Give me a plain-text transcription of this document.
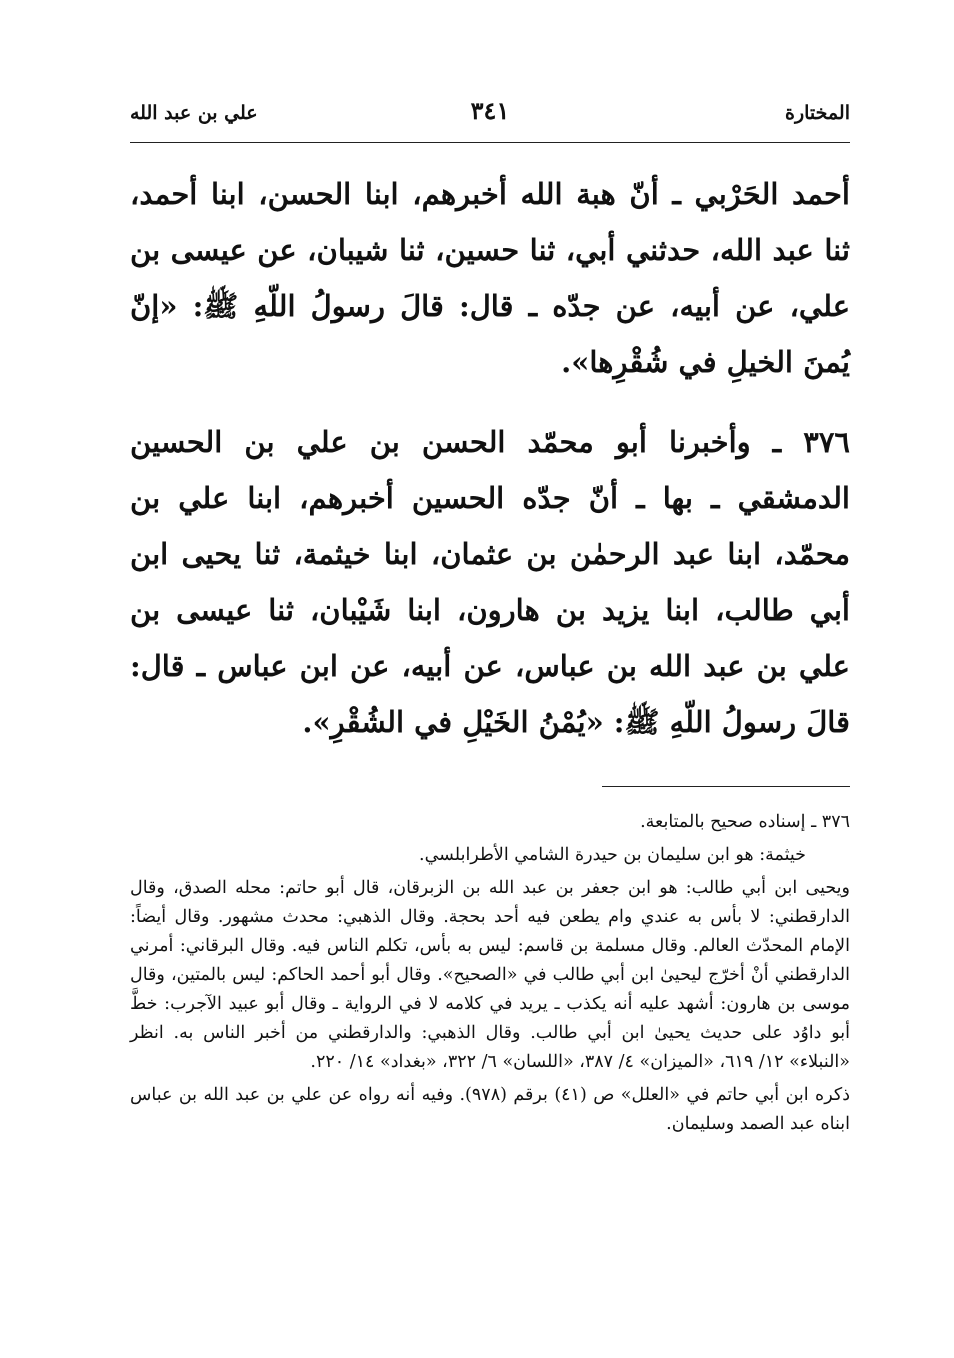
المختارة
٣٤١
علي بن عبد الله

أحمد الحَرْبي ـ أنّ هبة الله أخبرهم، ابنا الحسن، ابنا أحمد، ثنا عبد الله، حدثني أبي، ثنا حسين، ثنا شيبان، عن عيسى بن علي، عن أبيه، عن جدّه ـ قال: قالَ رسولُ اللّهِ ﷺ: «إنّ يُمنَ الخيلِ في شُقْرِها».

٣٧٦ ـ وأخبرنا أبو محمّد الحسن بن علي بن الحسين الدمشقي ـ بها ـ أنّ جدّه الحسين أخبرهم، ابنا علي بن محمّد، ابنا عبد الرحمٰن بن عثمان، ابنا خيثمة، ثنا يحيى ابن أبي طالب، ابنا يزيد بن هارون، ابنا شَيْبان، ثنا عيسى بن علي بن عبد الله بن عباس، عن أبيه، عن ابن عباس ـ قال: قالَ رسولُ اللّهِ ﷺ: «يُمْنُ الخَيْلِ في الشُقْرِ».

٣٧٦ ـ إسناده صحيح بالمتابعة.

خيثمة: هو ابن سليمان بن حيدرة الشامي الأطرابلسي.

ويحيى ابن أبي طالب: هو ابن جعفر بن عبد الله بن الزبرقان، قال أبو حاتم: محله الصدق، وقال الدارقطني: لا بأس به عندي وام يطعن فيه أحد بحجة. وقال الذهبي: محدث مشهور. وقال أيضاً: الإمام المحدّث العالم. وقال مسلمة بن قاسم: ليس به بأس، تكلم الناس فيه. وقال البرقاني: أمرني الدارقطني أنْ أخرّج ليحيىٰ ابن أبي طالب في «الصحيح». وقال أبو أحمد الحاكم: ليس بالمتين، وقال موسى بن هارون: أشهد عليه أنه يكذب ـ يريد في كلامه لا في الرواية ـ وقال أبو عبيد الآجرب: خطَّ أبو داوُد على حديث يحيىٰ ابن أبي طالب. وقال الذهبي: والدارقطني من أخبر الناس به. انظر «النبلاء» ١٢/ ٦١٩، «الميزان» ٤/ ٣٨٧، «اللسان» ٦/ ٣٢٢، «بغداد» ١٤/ ٢٢٠.

ذكره ابن أبي حاتم في «العلل» ص (٤١) برقم (٩٧٨). وفيه أنه رواه عن علي بن عبد الله بن عباس ابناه عبد الصمد وسليمان.
